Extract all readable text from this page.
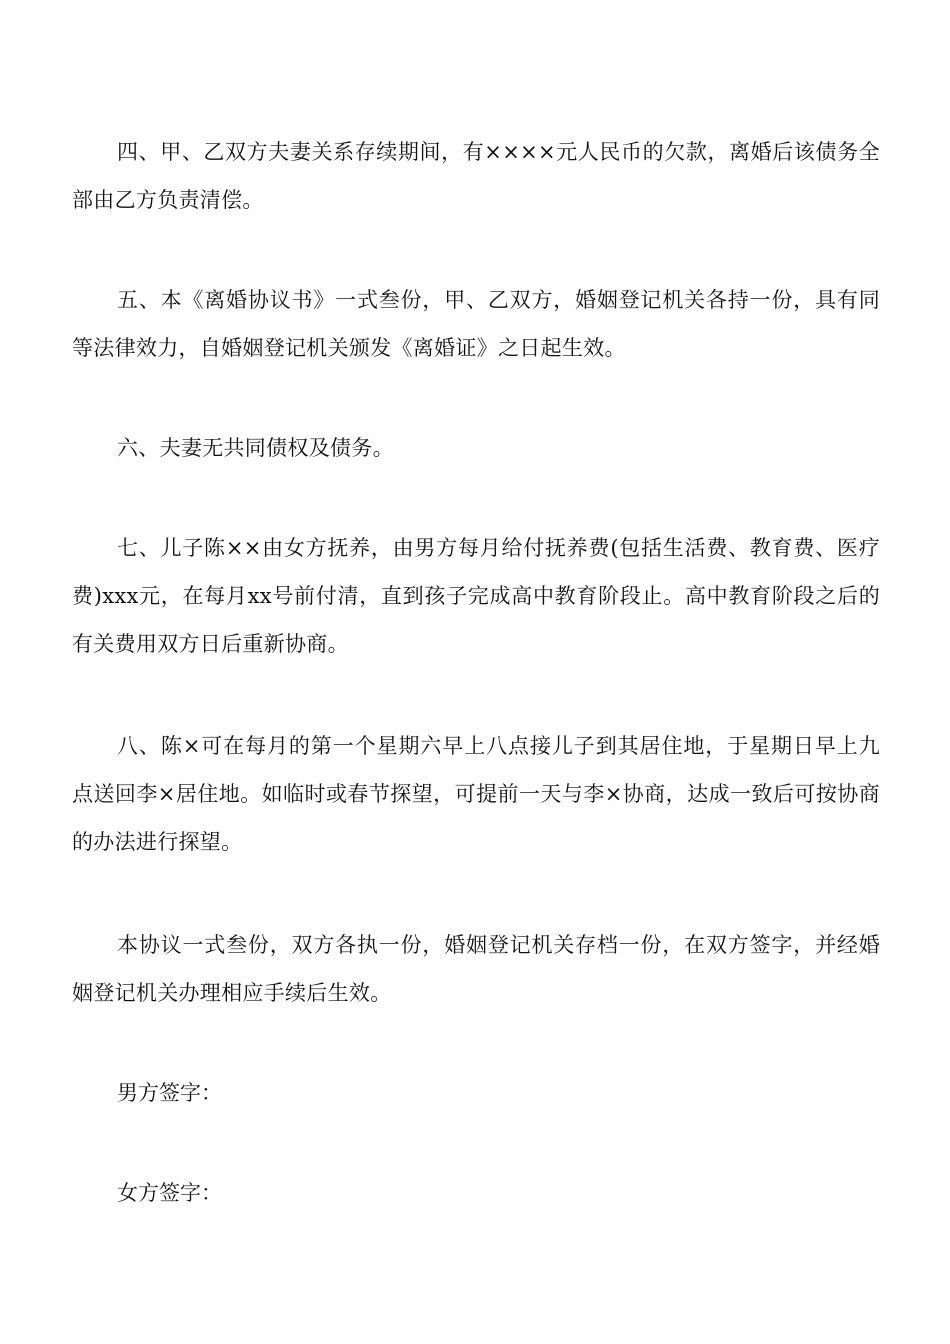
四、甲、乙双方夫妻关系存续期间，有××××元人民币的欠款，离婚后该债务全部由乙方负责清偿。

五、本《离婚协议书》一式叁份，甲、乙双方，婚姻登记机关各持一份，具有同等法律效力，自婚姻登记机关颁发《离婚证》之日起生效。

六、夫妻无共同债权及债务。

七、儿子陈××由女方抚养，由男方每月给付抚养费(包括生活费、教育费、医疗费)xxx元，在每月xx号前付清，直到孩子完成高中教育阶段止。高中教育阶段之后的有关费用双方日后重新协商。

八、陈×可在每月的第一个星期六早上八点接儿子到其居住地，于星期日早上九点送回李×居住地。如临时或春节探望，可提前一天与李×协商，达成一致后可按协商的办法进行探望。

本协议一式叁份，双方各执一份，婚姻登记机关存档一份，在双方签字，并经婚姻登记机关办理相应手续后生效。

男方签字：

女方签字：
